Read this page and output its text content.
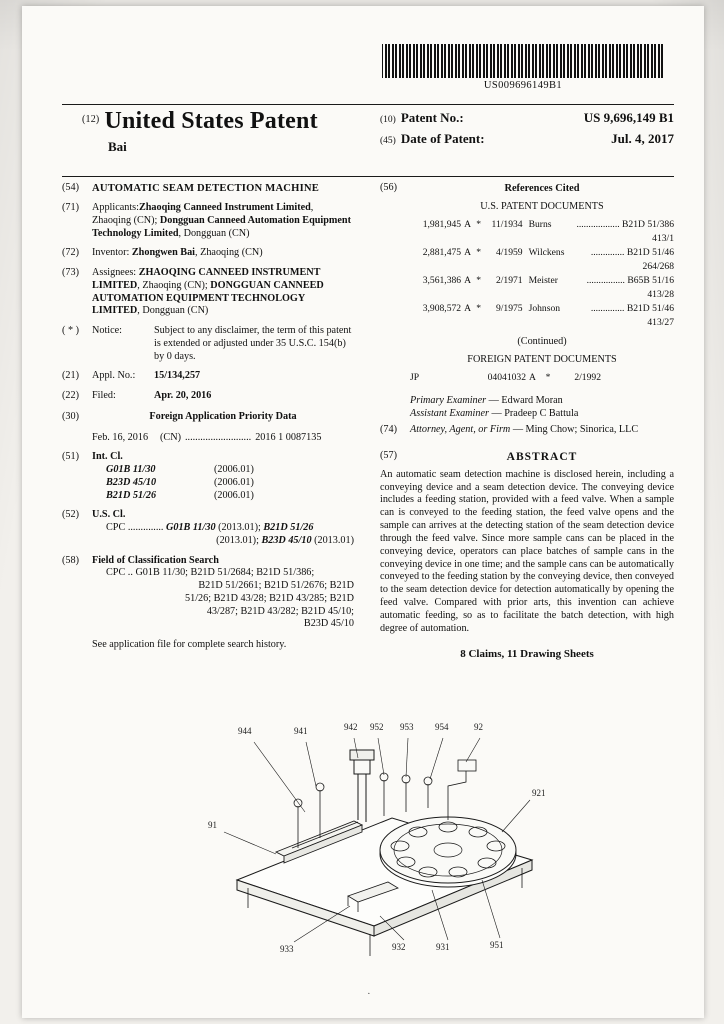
US009696149B1
$^{(12)}$ United States Patent
Bai
(10) Patent No.:	US 9,696,149 B1
(45) Date of Patent:	Jul. 4, 2017
(54)	AUTOMATIC SEAM DETECTION MACHINE
(71)	Applicants:Zhaoqing Canneed Instrument Limited, Zhaoqing (CN); Dongguan Canneed Automation Equipment Technology Limited, Dongguan (CN)
(72)	Inventor: Zhongwen Bai, Zhaoqing (CN)
(73)	Assignees: ZHAOQING CANNEED INSTRUMENT LIMITED, Zhaoqing (CN); DONGGUAN CANNEED AUTOMATION EQUIPMENT TECHNOLOGY LIMITED, Dongguan (CN)
( * )	Notice:	Subject to any disclaimer, the term of this patent is extended or adjusted under 35 U.S.C. 154(b) by 0 days.
(21)	Appl. No.:	15/134,257
(22)	Filed:	Apr. 20, 2016
(30)	Foreign Application Priority Data
Feb. 16, 2016 (CN) .......................... 2016 1 0087135
(51)	Int. Cl.
G01B 11/30	(2006.01)
B23D 45/10	(2006.01)
B21D 51/26	(2006.01)
(52)	U.S. Cl.
CPC .............. G01B 11/30 (2013.01); B21D 51/26
(2013.01); B23D 45/10 (2013.01)
(58)	Field of Classification Search
CPC .. G01B 11/30; B21D 51/2684; B21D 51/386;
B21D 51/2661; B21D 51/2676; B21D
51/26; B21D 43/28; B21D 43/285; B21D
43/287; B21D 43/282; B21D 45/10;
B23D 45/10
See application file for complete search history.
(56)	References Cited
U.S. PATENT DOCUMENTS
1,981,945	A	*	11/1934	Burns	.................. B21D 51/386
413/1					
2,881,475	A	*	4/1959	Wilckens	.............. B21D 51/46
264/268					
3,561,386	A	*	2/1971	Meister	................ B65B 51/16
413/28					
3,908,572	A	*	9/1975	Johnson	.............. B21D 51/46
413/27					
(Continued)
FOREIGN PATENT DOCUMENTS
JP	04041032	A	*	2/1992	
Primary Examiner — Edward Moran
Assistant Examiner — Pradeep C Battula
(74)	Attorney, Agent, or Firm — Ming Chow; Sinorica, LLC
(57)	ABSTRACT
An automatic seam detection machine is disclosed herein, including a conveying device and a seam detection device. The conveying device includes a feeding station, provided with a feed valve. When a sample can is conveyed to the feeding station, the feed valve opens and the sample can arrives at the detecting station of the seam detection device through the feed valve. Since more sample cans can be placed in the conveying device, operators can place batches of sample cans in the conveying device in one time; and the sample cans can be automatically conveyed to the feeding station by the conveying device, then conveyed to the seam detection device for detection automatically by opening the feed valve. Compared with prior arts, this invention can achieve automatic feeding, so as to facilitate the batch detection, with high degree of automation.
8 Claims, 11 Drawing Sheets
944	941	942 952 953 954	92
921
91
933	932	931	951
·
